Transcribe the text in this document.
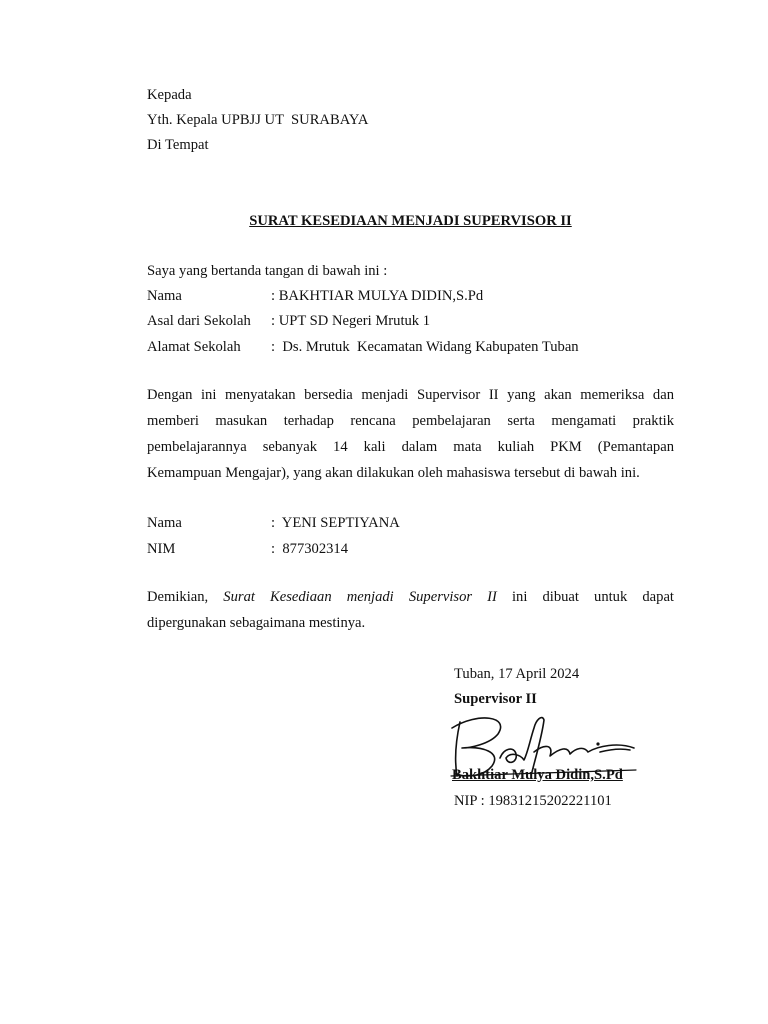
Kepada
Yth. Kepala UPBJJ UT  SURABAYA
Di Tempat
SURAT KESEDIAAN MENJADI SUPERVISOR II
Saya yang bertanda tangan di bawah ini :
Nama	: BAKHTIAR MULYA DIDIN,S.Pd
Asal dari Sekolah : UPT SD Negeri Mrutuk 1
Alamat Sekolah :  Ds. Mrutuk  Kecamatan Widang Kabupaten Tuban
Dengan ini menyatakan bersedia menjadi Supervisor II yang akan memeriksa dan
memberi masukan terhadap rencana pembelajaran serta mengamati praktik
pembelajarannya sebanyak 14 kali dalam mata kuliah PKM (Pemantapan
Kemampuan Mengajar), yang akan dilakukan oleh mahasiswa tersebut di bawah ini.
Nama	:  YENI SEPTIYANA
NIM	:  877302314
Demikian, Surat Kesediaan menjadi Supervisor II ini dibuat untuk dapat
dipergunakan sebagaimana mestinya.
Tuban, 17 April 2024
Supervisor II
Bakhtiar Mulya Didin,S.Pd
NIP : 19831215202221101
